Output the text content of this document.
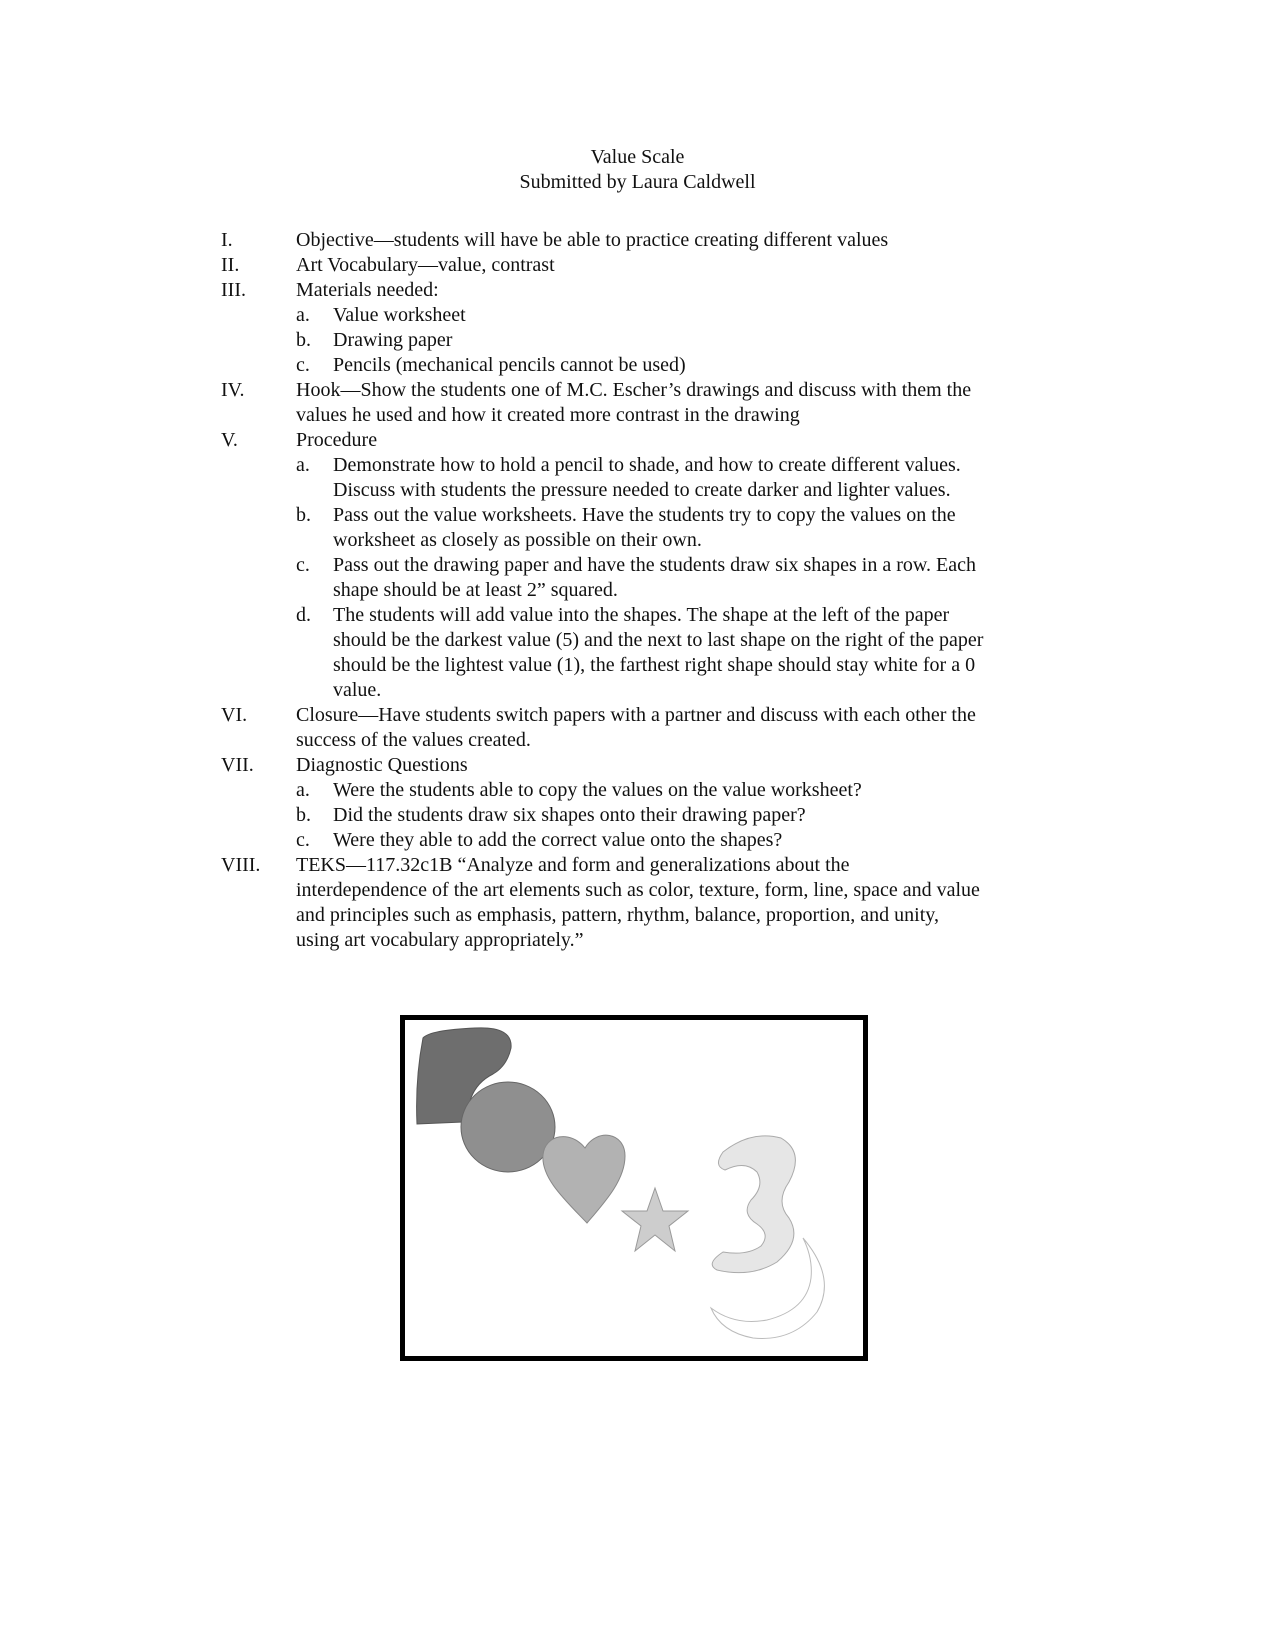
Value Scale
Submitted by Laura Caldwell
I.	Objective—students will have be able to practice creating different values
II.	Art Vocabulary—value, contrast
III.	Materials needed:
a. Value worksheet
b. Drawing paper
c. Pencils (mechanical pencils cannot be used)
IV.	Hook—Show the students one of M.C. Escher’s drawings and discuss with them the
values he used and how it created more contrast in the drawing
V.	Procedure
a. Demonstrate how to hold a pencil to shade, and how to create different values.
Discuss with students the pressure needed to create darker and lighter values.
b. Pass out the value worksheets. Have the students try to copy the values on the
worksheet as closely as possible on their own.
c. Pass out the drawing paper and have the students draw six shapes in a row. Each
shape should be at least 2” squared.
d. The students will add value into the shapes. The shape at the left of the paper
should be the darkest value (5) and the next to last shape on the right of the paper
should be the lightest value (1), the farthest right shape should stay white for a 0
value.
VI. Closure—Have students switch papers with a partner and discuss with each other the
success of the values created.
VII. Diagnostic Questions
a. Were the students able to copy the values on the value worksheet?
b. Did the students draw six shapes onto their drawing paper?
c. Were they able to add the correct value onto the shapes?
VIII. TEKS—117.32c1B “Analyze and form and generalizations about the
interdependence of the art elements such as color, texture, form, line, space and value
and principles such as emphasis, pattern, rhythm, balance, proportion, and unity,
using art vocabulary appropriately.”
